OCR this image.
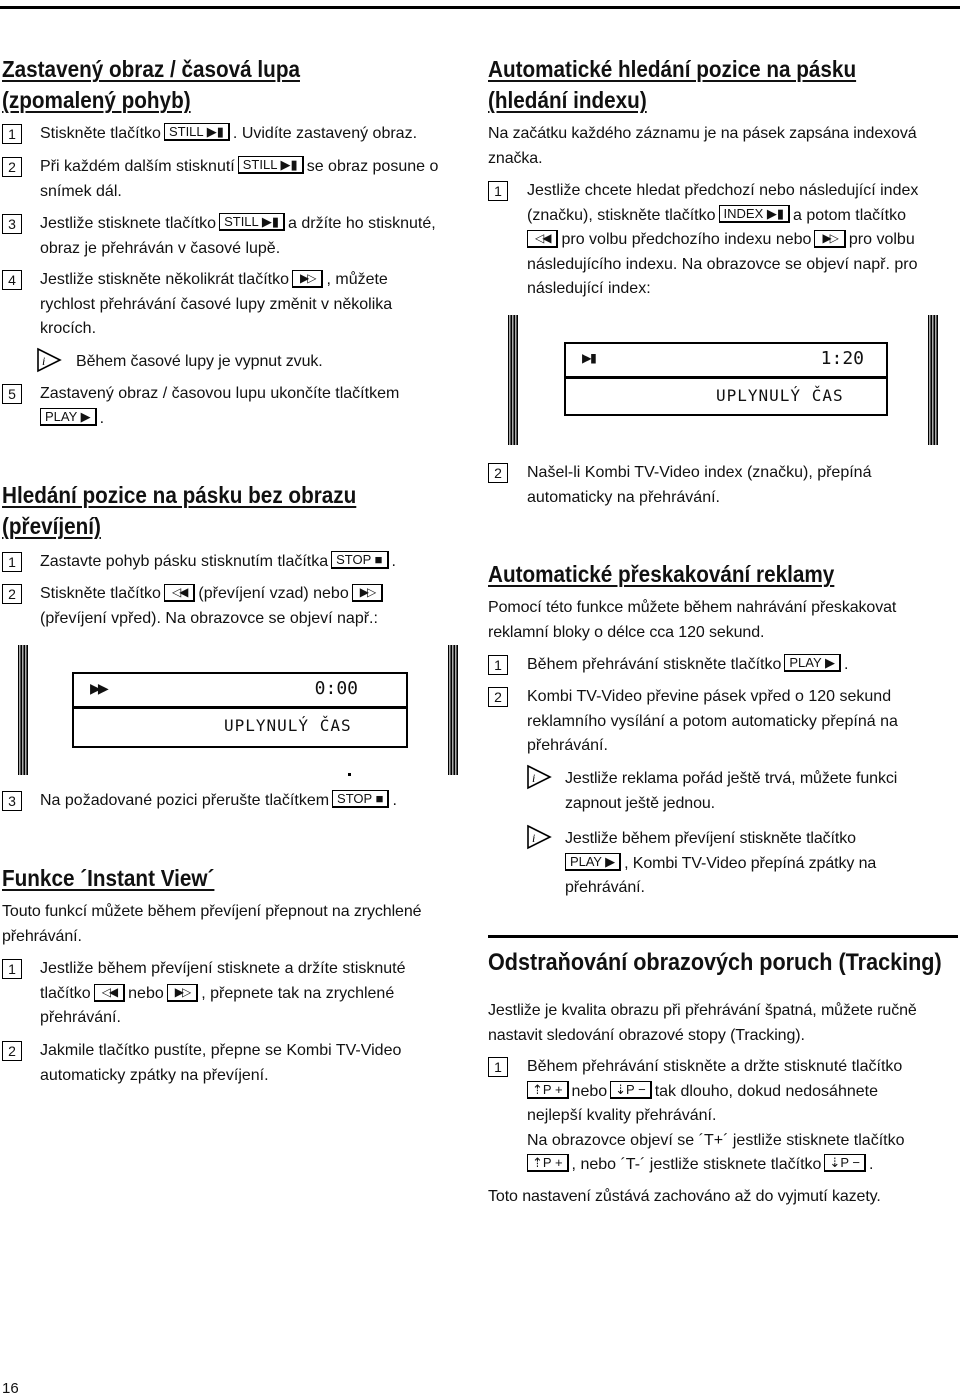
Zastavený obraz / časová lupa
(zpomalený pohyb)
1	Stiskněte tlačítko STILL ▶▮ . Uvidíte zastavený obraz.
2	Při každém dalším stisknutí STILL ▶▮ se obraz posune o
snímek dál.
3	Jestliže stisknete tlačítko STILL ▶▮ a držíte ho stisknuté,
obraz je přehráván v časové lupě.
4	Jestliže stiskněte několikrát tlačítko ▶▷ , můžete
rychlost přehrávání časové lupy změnit v několika
krocích.
i Během časové lupy je vypnut zvuk.
5	Zastavený obraz / časovou lupu ukončíte tlačítkem
PLAY ▶ .
Hledání pozice na pásku bez obrazu
(převíjení)
1	Zastavte pohyb pásku stisknutím tlačítka STOP ■ .
2	Stiskněte tlačítko ◁◀ (převíjení vzad) nebo ▶▷
(převíjení vpřed). Na obrazovce se objeví např.:
▶▶	0:00
UPLYNULÝ ČAS
3	Na požadované pozici přerušte tlačítkem STOP ■ .
Funkce ´Instant View´
Touto funkcí můžete během převíjení přepnout na zrychlené
přehrávání.
1	Jestliže během převíjení stisknete a držíte stisknuté
tlačítko ◁◀ nebo ▶▷ , přepnete tak na zrychlené
přehrávání.
2	Jakmile tlačítko pustíte, přepne se Kombi TV-Video
automaticky zpátky na převíjení.
Automatické hledání pozice na pásku
(hledání indexu)
Na začátku každého záznamu je na pásek zapsána indexová
značka.
1	Jestliže chcete hledat předchozí nebo následující index
(značku), stiskněte tlačítko INDEX ▶▮ a potom tlačítko
◁◀ pro volbu předchozího indexu nebo ▶▷ pro volbu
následujícího indexu. Na obrazovce se objeví např. pro
následující index:
▶▮	1:20
UPLYNULÝ ČAS
2	Našel-li Kombi TV-Video index (značku), přepíná
automaticky na přehrávání.
Automatické přeskakování reklamy
Pomocí této funkce můžete během nahrávání přeskakovat
reklamní bloky o délce cca 120 sekund.
1	Během přehrávání stiskněte tlačítko PLAY ▶ .
2	Kombi TV-Video převine pásek vpřed o 120 sekund
reklamního vysílání a potom automaticky přepíná na
přehrávání.
i Jestliže reklama pořád ještě trvá, můžete funkci
zapnout ještě jednou.
i Jestliže během převíjení stiskněte tlačítko
PLAY ▶ , Kombi TV-Video přepíná zpátky na
přehrávání.
Odstraňování obrazových poruch (Tracking)
Jestliže je kvalita obrazu při přehrávání špatná, můžete ručně
nastavit sledování obrazové stopy (Tracking).
1	Během přehrávání stiskněte a držte stisknuté tlačítko
⇡P + nebo ⇣P − tak dlouho, dokud nedosáhnete
nejlepší kvality přehrávání.
Na obrazovce objeví se ´T+´ jestliže stisknete tlačítko
⇡P + , nebo ´T-´ jestliže stisknete tlačítko ⇣P − .
Toto nastavení zůstává zachováno až do vyjmutí kazety.
16
